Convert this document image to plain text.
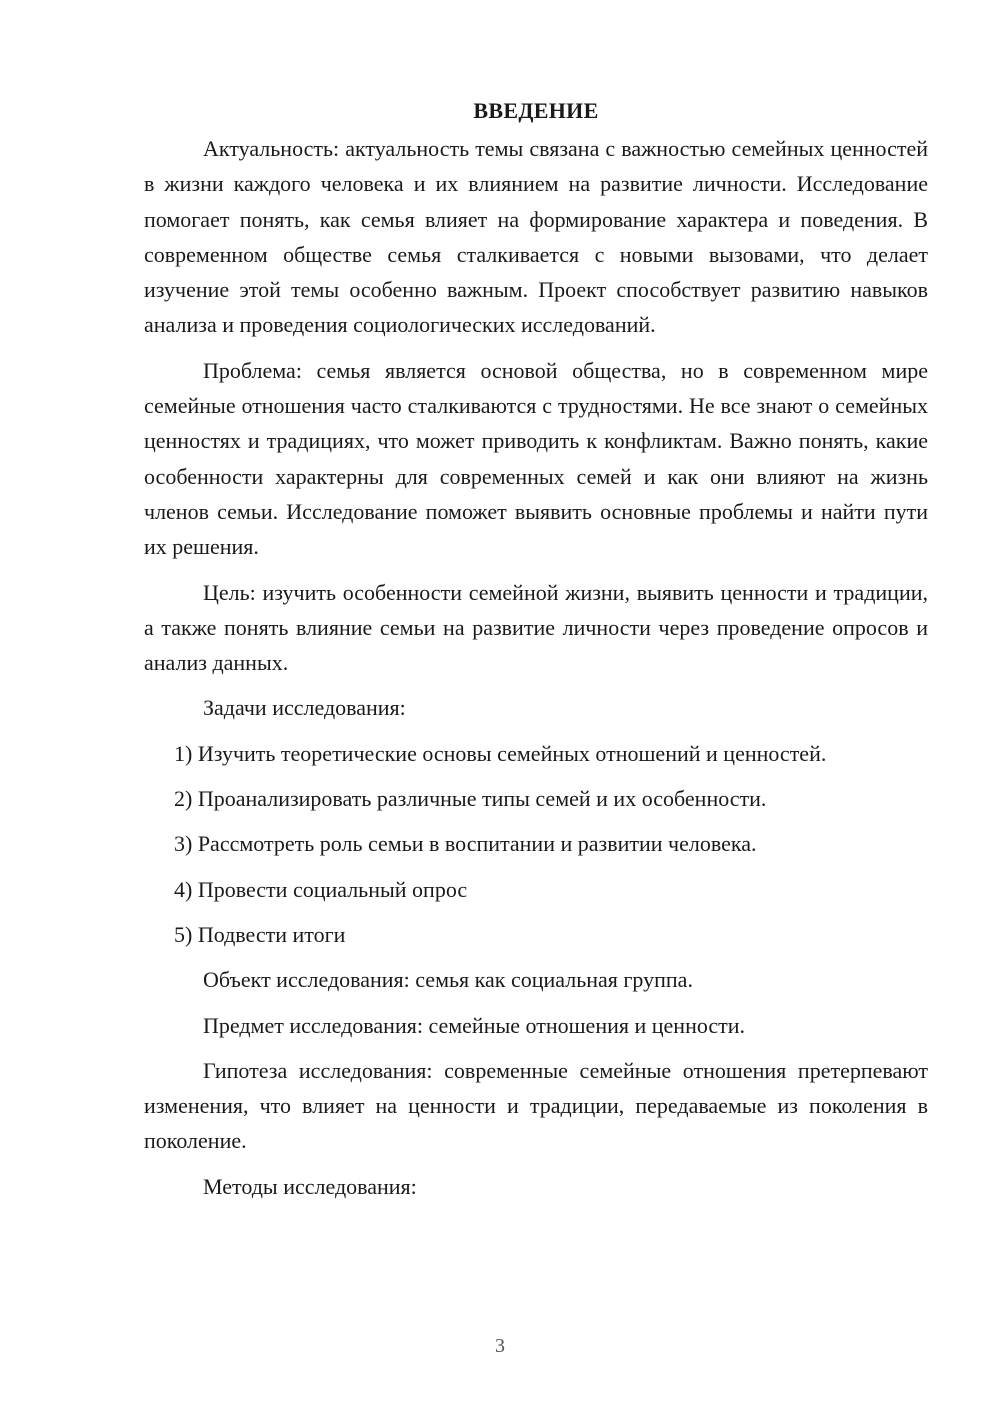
ВВЕДЕНИЕ

Актуальность: актуальность темы связана с важностью семейных ценностей в жизни каждого человека и их влиянием на развитие личности. Исследование помогает понять, как семья влияет на формирование характера и поведения. В современном обществе семья сталкивается с новыми вызовами, что делает изучение этой темы особенно важным. Проект способствует развитию навыков анализа и проведения социологических исследований.

Проблема: семья является основой общества, но в современном мире семейные отношения часто сталкиваются с трудностями. Не все знают о семейных ценностях и традициях, что может приводить к конфликтам. Важно понять, какие особенности характерны для современных семей и как они влияют на жизнь членов семьи. Исследование поможет выявить основные проблемы и найти пути их решения.

Цель: изучить особенности семейной жизни, выявить ценности и традиции, а также понять влияние семьи на развитие личности через проведение опросов и анализ данных.

Задачи исследования:

1) Изучить теоретические основы семейных отношений и ценностей.

2) Проанализировать различные типы семей и их особенности.

3) Рассмотреть роль семьи в воспитании и развитии человека.

4) Провести социальный опрос

5) Подвести итоги

Объект исследования: семья как социальная группа.

Предмет исследования: семейные отношения и ценности.

Гипотеза исследования: современные семейные отношения претерпевают изменения, что влияет на ценности и традиции, передаваемые из поколения в поколение.

Методы исследования:

3
